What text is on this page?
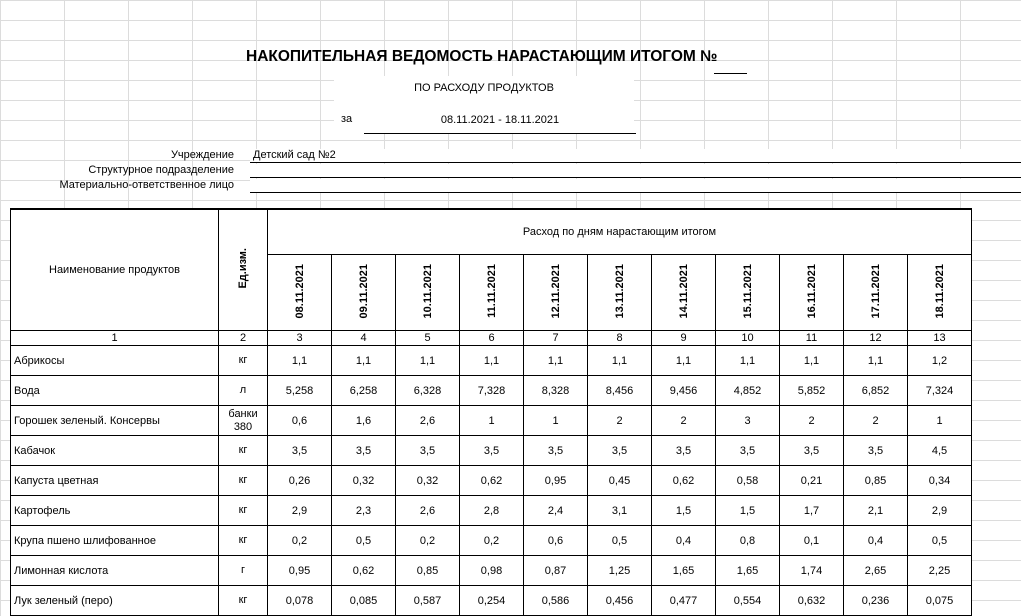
НАКОПИТЕЛЬНАЯ ВЕДОМОСТЬ НАРАСТАЮЩИМ ИТОГОМ №
ПО РАСХОДУ ПРОДУКТОВ
за	08.11.2021 - 18.11.2021
Учреждение Детский сад №2
Структурное подразделение
Материально-ответственное лицо
Наименование продуктов	Ед.изм.	Расход по дням нарастающим итогом										
		08.11.2021	09.11.2021	10.11.2021	11.11.2021	12.11.2021	13.11.2021	14.11.2021	15.11.2021	16.11.2021	17.11.2021	18.11.2021
1	2	3	4	5	6	7	8	9	10	11	12	13
Абрикосы	кг	1,1	1,1	1,1	1,1	1,1	1,1	1,1	1,1	1,1	1,1	1,2
Вода	л	5,258	6,258	6,328	7,328	8,328	8,456	9,456	4,852	5,852	6,852	7,324
Горошек зеленый. Консервы	банки 380	0,6	1,6	2,6	1	1	2	2	3	2	2	1
Кабачок	кг	3,5	3,5	3,5	3,5	3,5	3,5	3,5	3,5	3,5	3,5	4,5
Капуста цветная	кг	0,26	0,32	0,32	0,62	0,95	0,45	0,62	0,58	0,21	0,85	0,34
Картофель	кг	2,9	2,3	2,6	2,8	2,4	3,1	1,5	1,5	1,7	2,1	2,9
Крупа пшено шлифованное	кг	0,2	0,5	0,2	0,2	0,6	0,5	0,4	0,8	0,1	0,4	0,5
Лимонная кислота	г	0,95	0,62	0,85	0,98	0,87	1,25	1,65	1,65	1,74	2,65	2,25
Лук зеленый (перо)	кг	0,078	0,085	0,587	0,254	0,586	0,456	0,477	0,554	0,632	0,236	0,075
